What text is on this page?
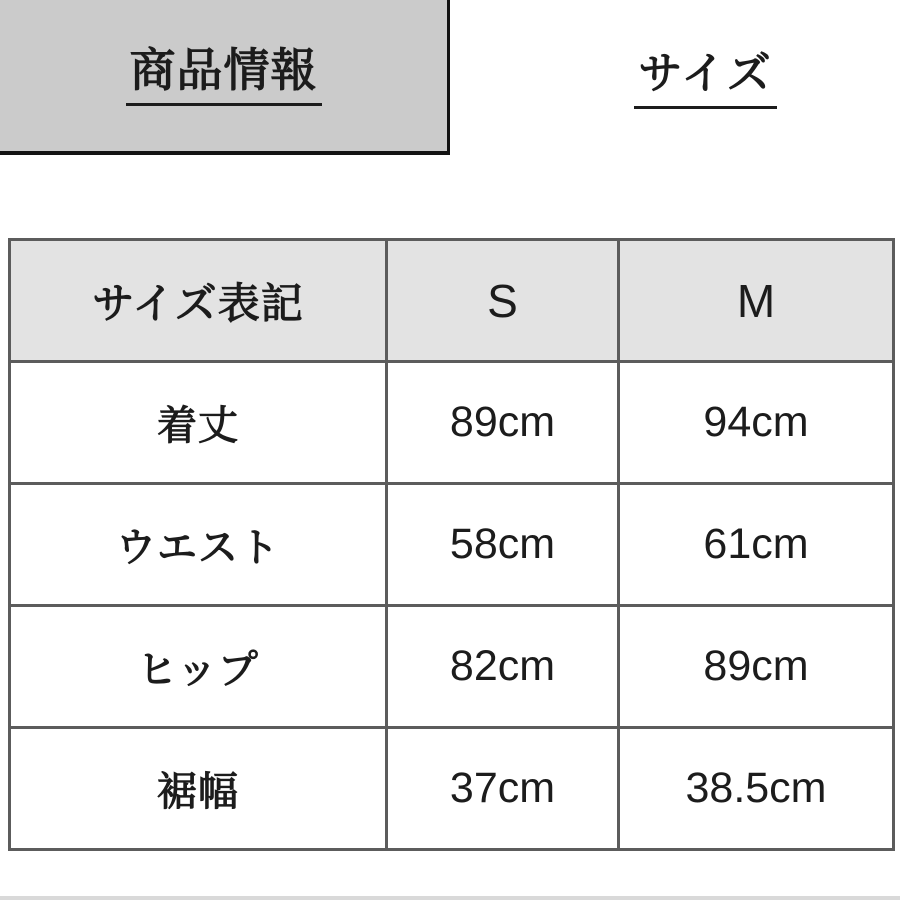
商品情報	サイズ
サイズ表記	S	M
着丈	89cm	94cm
ウエスト	58cm	61cm
ヒップ	82cm	89cm
裾幅	37cm	38.5cm
